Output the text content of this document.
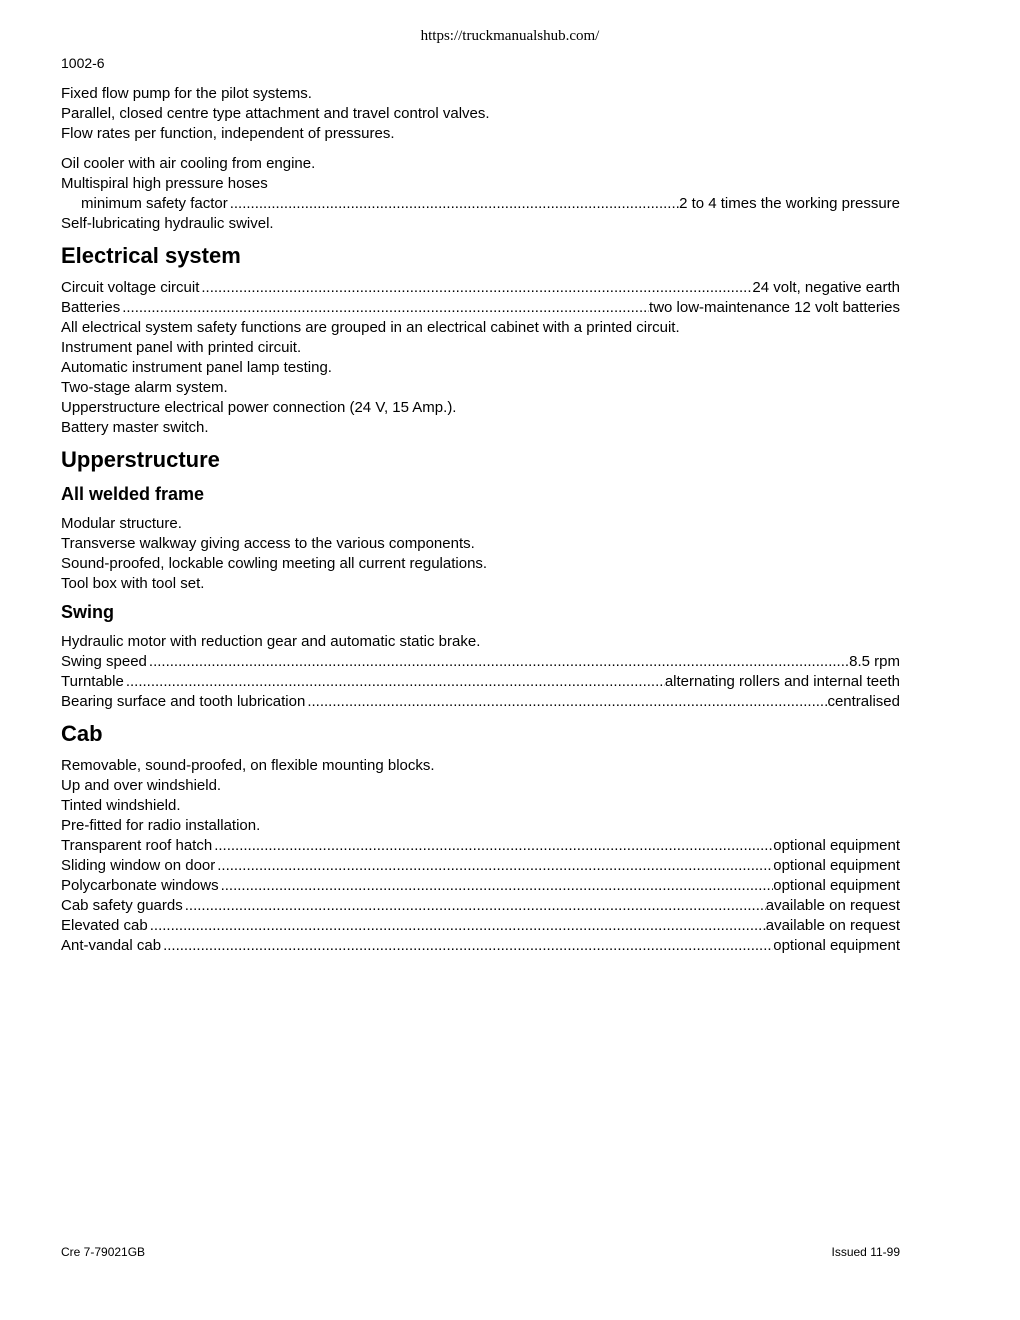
https://truckmanualshub.com/
1002-6
Fixed flow pump for the pilot systems.
Parallel, closed centre type attachment and travel control valves.
Flow rates per function, independent of pressures.
Oil cooler with air cooling from engine.
Multispiral high pressure hoses
minimum safety factor .....	2 to 4 times the working pressure
Self-lubricating hydraulic swivel.
Electrical system
Circuit voltage circuit .....	24 volt, negative earth
Batteries .....	two low-maintenance 12 volt batteries
All electrical system safety functions are grouped in an electrical cabinet with a printed circuit.
Instrument panel with printed circuit.
Automatic instrument panel lamp testing.
Two-stage alarm system.
Upperstructure electrical power connection (24 V, 15 Amp.).
Battery master switch.
Upperstructure
All welded frame
Modular structure.
Transverse walkway giving access to the various components.
Sound-proofed, lockable cowling meeting all current regulations.
Tool box with tool set.
Swing
Hydraulic motor with reduction gear and automatic static brake.
Swing speed .....	8.5 rpm
Turntable .....	alternating rollers and internal teeth
Bearing surface and tooth lubrication .....	centralised
Cab
Removable, sound-proofed, on flexible mounting blocks.
Up and over windshield.
Tinted windshield.
Pre-fitted for radio installation.
Transparent roof hatch .....	optional equipment
Sliding window on door .....	optional equipment
Polycarbonate windows .....	optional equipment
Cab safety guards .....	available on request
Elevated cab .....	available on request
Ant-vandal cab .....	optional equipment
Cre 7-79021GB	Issued 11-99
